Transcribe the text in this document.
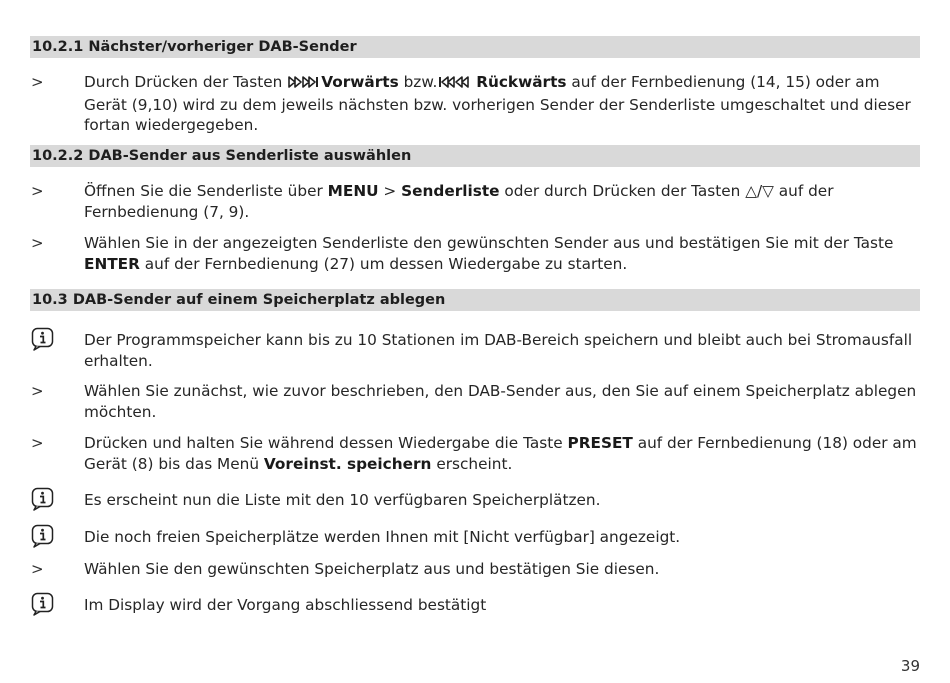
10.2.1 Nächster/vorheriger DAB-Sender
>	Durch Drücken der Tasten Vorwärts bzw.	Rückwärts auf der Fernbedienung (14, 15) oder am Gerät (9,10) wird zu dem jeweils nächsten bzw. vorherigen Sender der Senderliste umgeschaltet und dieser fortan wiedergegeben.
10.2.2 DAB-Sender aus Senderliste auswählen
>	Öffnen Sie die Senderliste über MENU > Senderliste oder durch Drücken der Tasten △/▽ auf der Fernbedienung (7, 9).
>	Wählen Sie in der angezeigten Senderliste den gewünschten Sender aus und bestätigen Sie mit der Taste ENTER auf der Fernbedienung (27) um dessen Wiedergabe zu starten.
10.3 DAB-Sender auf einem Speicherplatz ablegen
Der Programmspeicher kann bis zu 10 Stationen im DAB-Bereich speichern und bleibt auch bei Stromausfall erhalten.
>	Wählen Sie zunächst, wie zuvor beschrieben, den DAB-Sender aus, den Sie auf einem Speicherplatz ablegen möchten.
>	Drücken und halten Sie während dessen Wiedergabe die Taste PRESET auf der Fernbedienung (18) oder am Gerät (8) bis das Menü Voreinst. speichern erscheint.
Es erscheint nun die Liste mit den 10 verfügbaren Speicherplätzen.
Die noch freien Speicherplätze werden Ihnen mit [Nicht verfügbar] angezeigt.
>	Wählen Sie den gewünschten Speicherplatz aus und bestätigen Sie diesen.
Im Display wird der Vorgang abschliessend bestätigt
39
